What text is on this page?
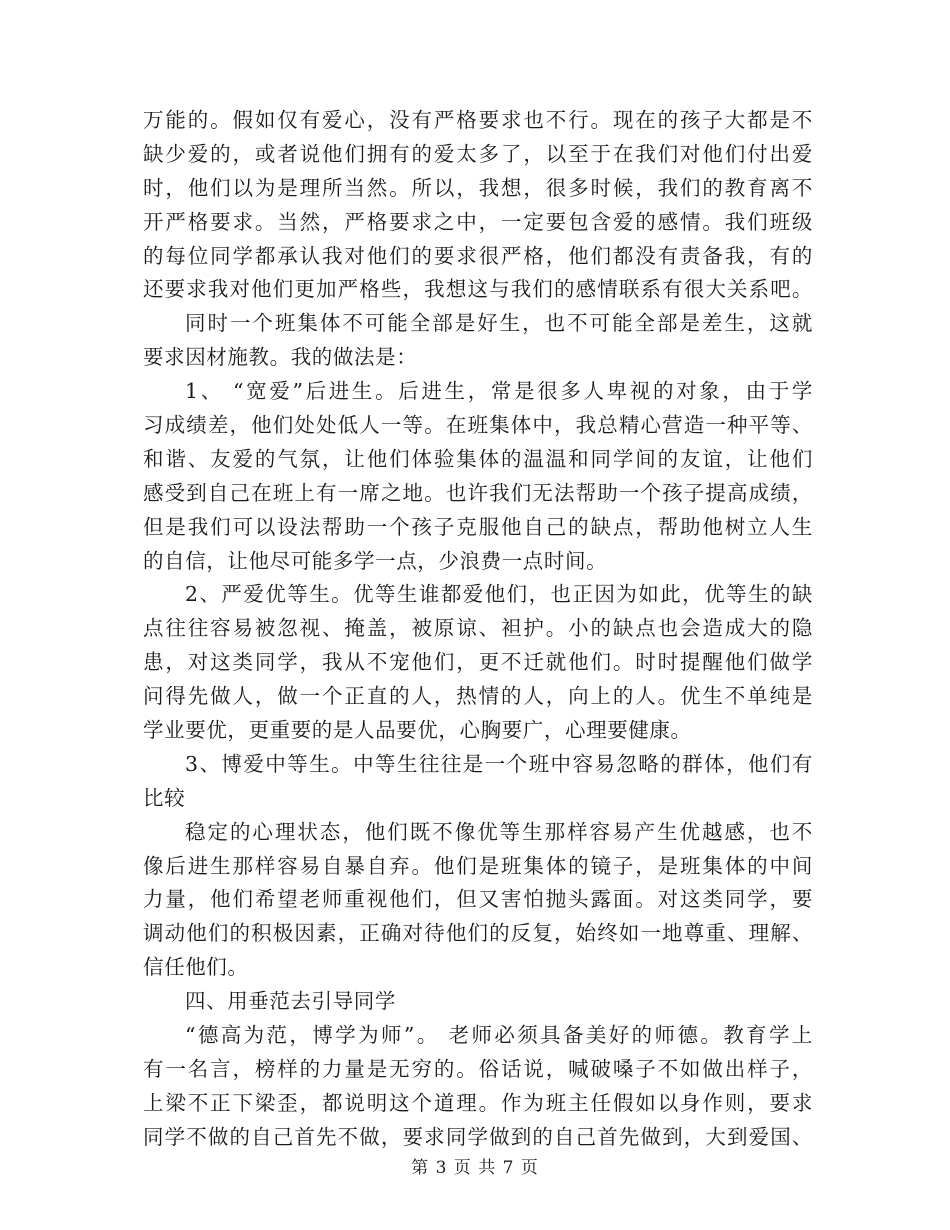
万能的。假如仅有爱心，没有严格要求也不行。现在的孩子大都是不

缺少爱的，或者说他们拥有的爱太多了，以至于在我们对他们付出爱

时，他们以为是理所当然。所以，我想，很多时候，我们的教育离不

开严格要求。当然，严格要求之中，一定要包含爱的感情。我们班级

的每位同学都承认我对他们的要求很严格，他们都没有责备我，有的

还要求我对他们更加严格些，我想这与我们的感情联系有很大关系吧。

同时一个班集体不可能全部是好生，也不可能全部是差生，这就

要求因材施教。我的做法是：

1、 “宽爱”后进生。后进生，常是很多人卑视的对象，由于学

习成绩差，他们处处低人一等。在班集体中，我总精心营造一种平等、

和谐、友爱的气氛，让他们体验集体的温温和同学间的友谊，让他们

感受到自己在班上有一席之地。也许我们无法帮助一个孩子提高成绩，

但是我们可以设法帮助一个孩子克服他自己的缺点，帮助他树立人生

的自信，让他尽可能多学一点，少浪费一点时间。

2、严爱优等生。优等生谁都爱他们，也正因为如此，优等生的缺

点往往容易被忽视、掩盖，被原谅、袒护。小的缺点也会造成大的隐

患，对这类同学，我从不宠他们，更不迁就他们。时时提醒他们做学

问得先做人，做一个正直的人，热情的人，向上的人。优生不单纯是

学业要优，更重要的是人品要优，心胸要广，心理要健康。

3、博爱中等生。中等生往往是一个班中容易忽略的群体，他们有

比较

稳定的心理状态，他们既不像优等生那样容易产生优越感，也不

像后进生那样容易自暴自弃。他们是班集体的镜子，是班集体的中间

力量，他们希望老师重视他们，但又害怕抛头露面。对这类同学，要

调动他们的积极因素，正确对待他们的反复，始终如一地尊重、理解、

信任他们。

四、用垂范去引导同学

“德高为范，博学为师”。 老师必须具备美好的师德。教育学上

有一名言，榜样的力量是无穷的。俗话说，喊破嗓子不如做出样子，

上梁不正下梁歪，都说明这个道理。作为班主任假如以身作则，要求

同学不做的自己首先不做，要求同学做到的自己首先做到，大到爱国、

第 3 页 共 7 页
